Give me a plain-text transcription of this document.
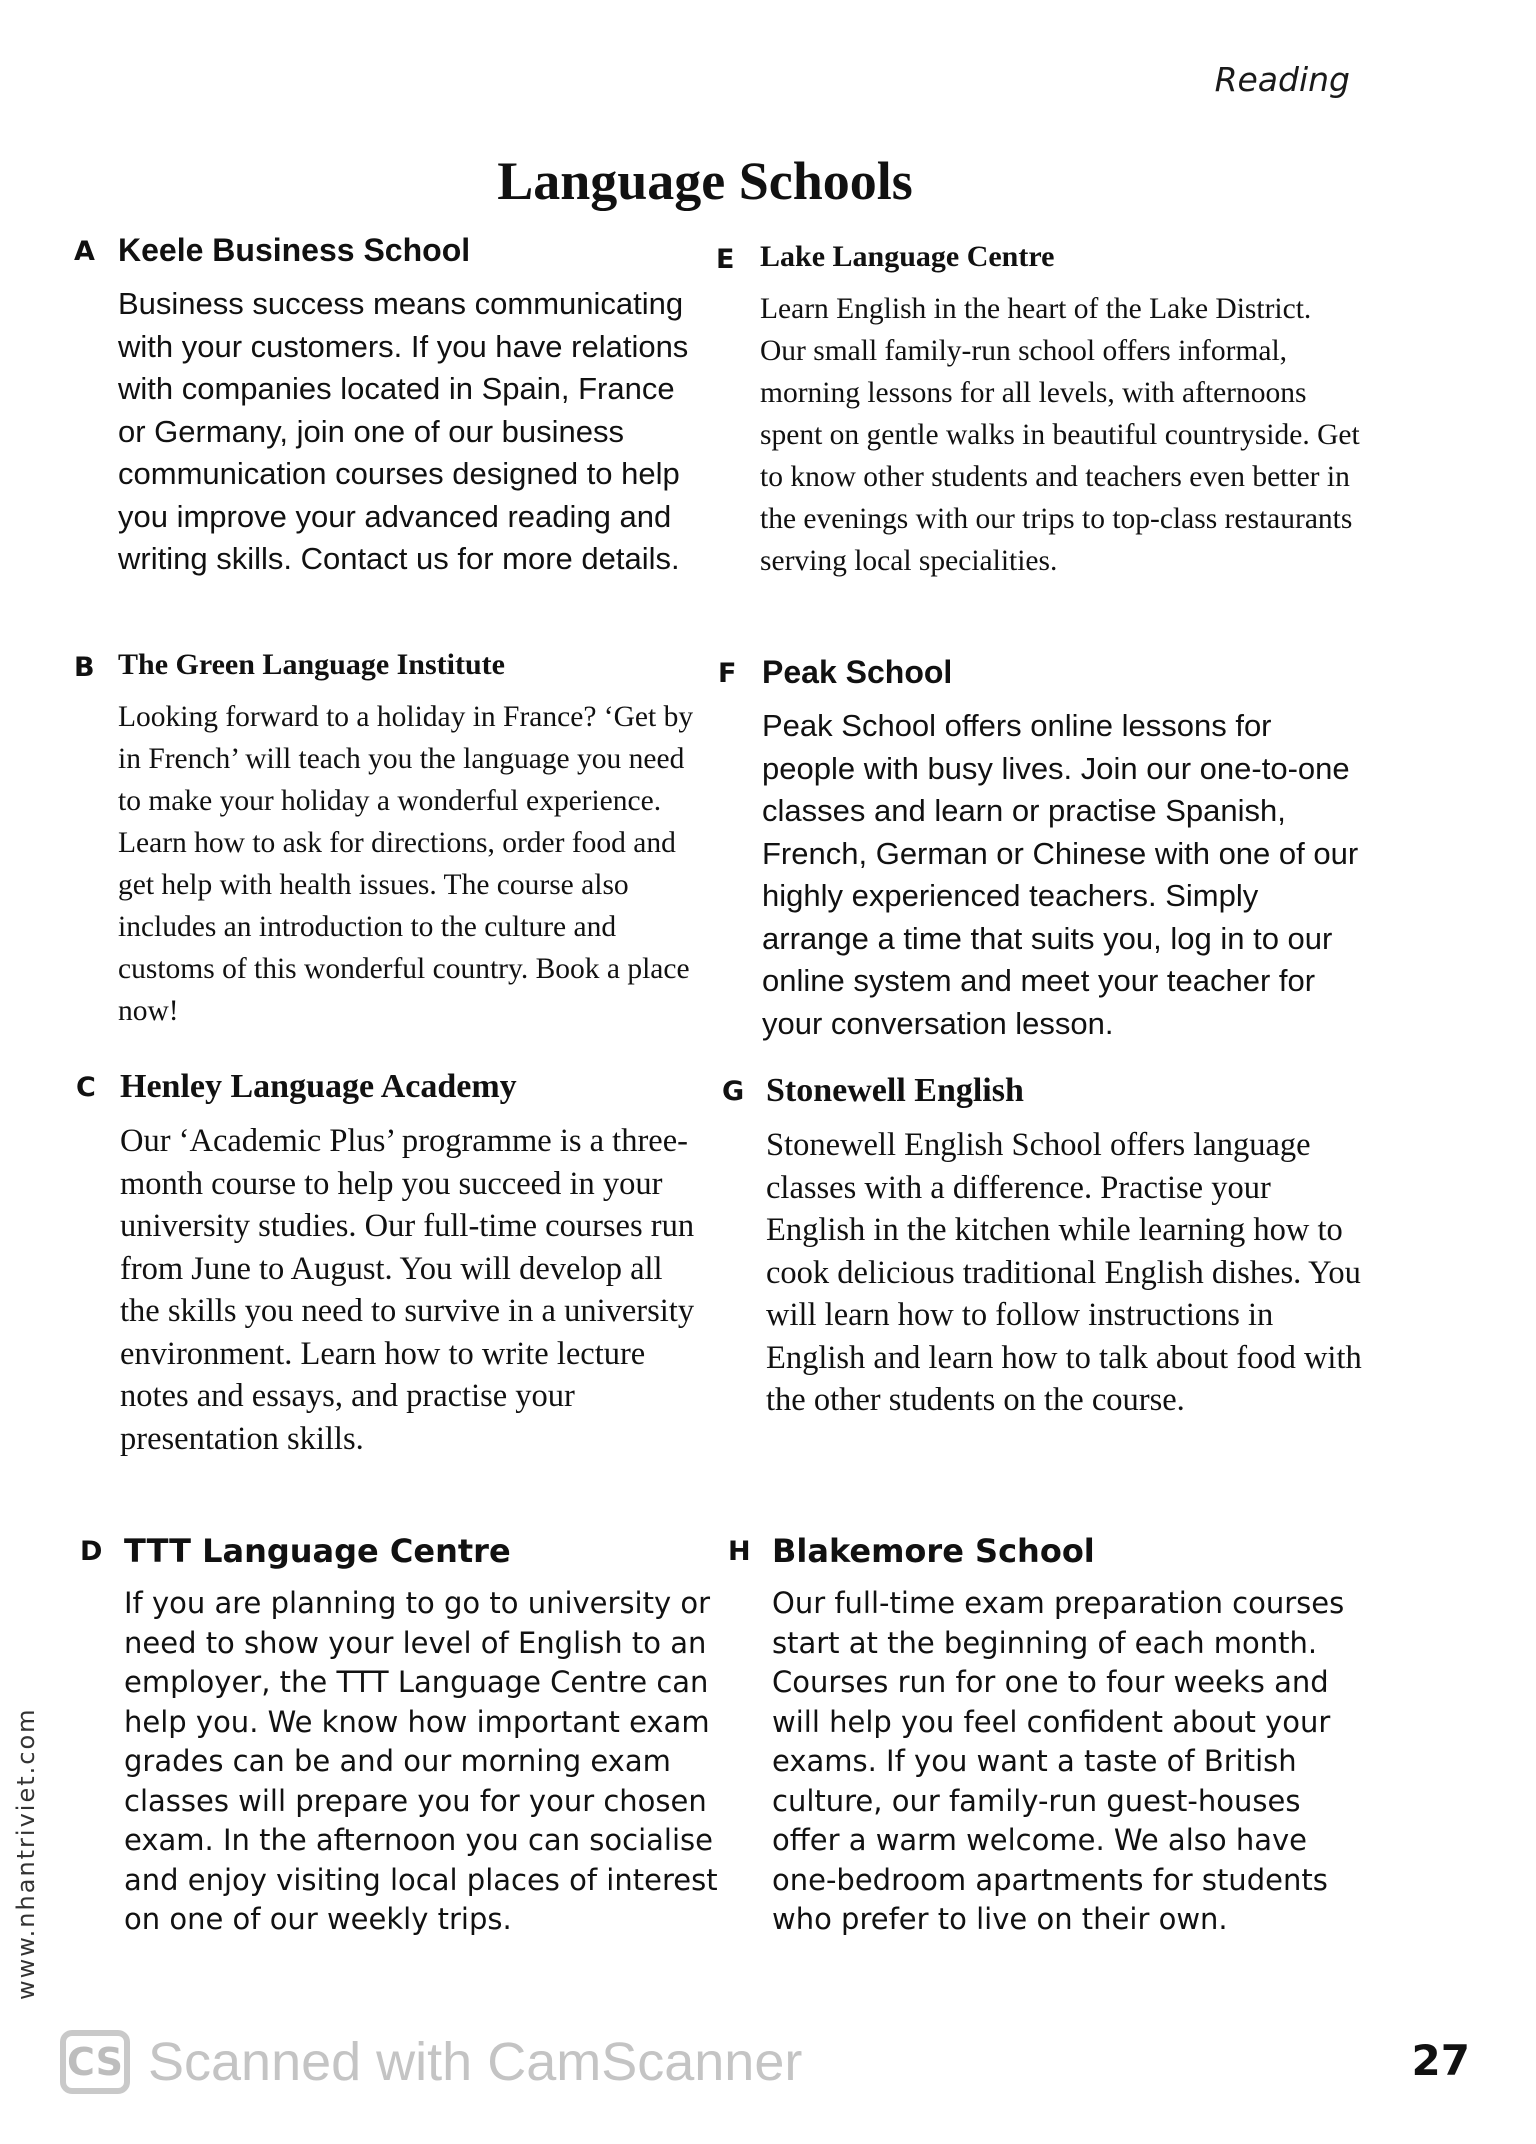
Reading
Language Schools
A Keele Business School

Business success means communicating with your customers. If you have relations with companies located in Spain, France or Germany, join one of our business communication courses designed to help you improve your advanced reading and writing skills. Contact us for more details.

B The Green Language Institute

Looking forward to a holiday in France? ‘Get by in French’ will teach you the language you need to make your holiday a wonderful experience. Learn how to ask for directions, order food and get help with health issues. The course also includes an introduction to the culture and customs of this wonderful country. Book a place now!

C Henley Language Academy

Our ‘Academic Plus’ programme is a three-month course to help you succeed in your university studies. Our full-time courses run from June to August. You will develop all the skills you need to survive in a university environment. Learn how to write lecture notes and essays, and practise your presentation skills.

D TTT Language Centre

If you are planning to go to university or need to show your level of English to an employer, the TTT Language Centre can help you. We know how important exam grades can be and our morning exam classes will prepare you for your chosen exam. In the afternoon you can socialise and enjoy visiting local places of interest on one of our weekly trips.

E Lake Language Centre

Learn English in the heart of the Lake District. Our small family-run school offers informal, morning lessons for all levels, with afternoons spent on gentle walks in beautiful countryside. Get to know other students and teachers even better in the evenings with our trips to top-class restaurants serving local specialities.

F Peak School

Peak School offers online lessons for people with busy lives. Join our one-to-one classes and learn or practise Spanish, French, German or Chinese with one of our highly experienced teachers. Simply arrange a time that suits you, log in to our online system and meet your teacher for your conversation lesson.

G Stonewell English

Stonewell English School offers language classes with a difference. Practise your English in the kitchen while learning how to cook delicious traditional English dishes. You will learn how to follow instructions in English and learn how to talk about food with the other students on the course.

H Blakemore School

Our full-time exam preparation courses start at the beginning of each month. Courses run for one to four weeks and will help you feel confident about your exams. If you want a taste of British culture, our family-run guest-houses offer a warm welcome. We also have one-bedroom apartments for students who prefer to live on their own.

www.nhantriviet.com
CS Scanned with CamScanner	27
